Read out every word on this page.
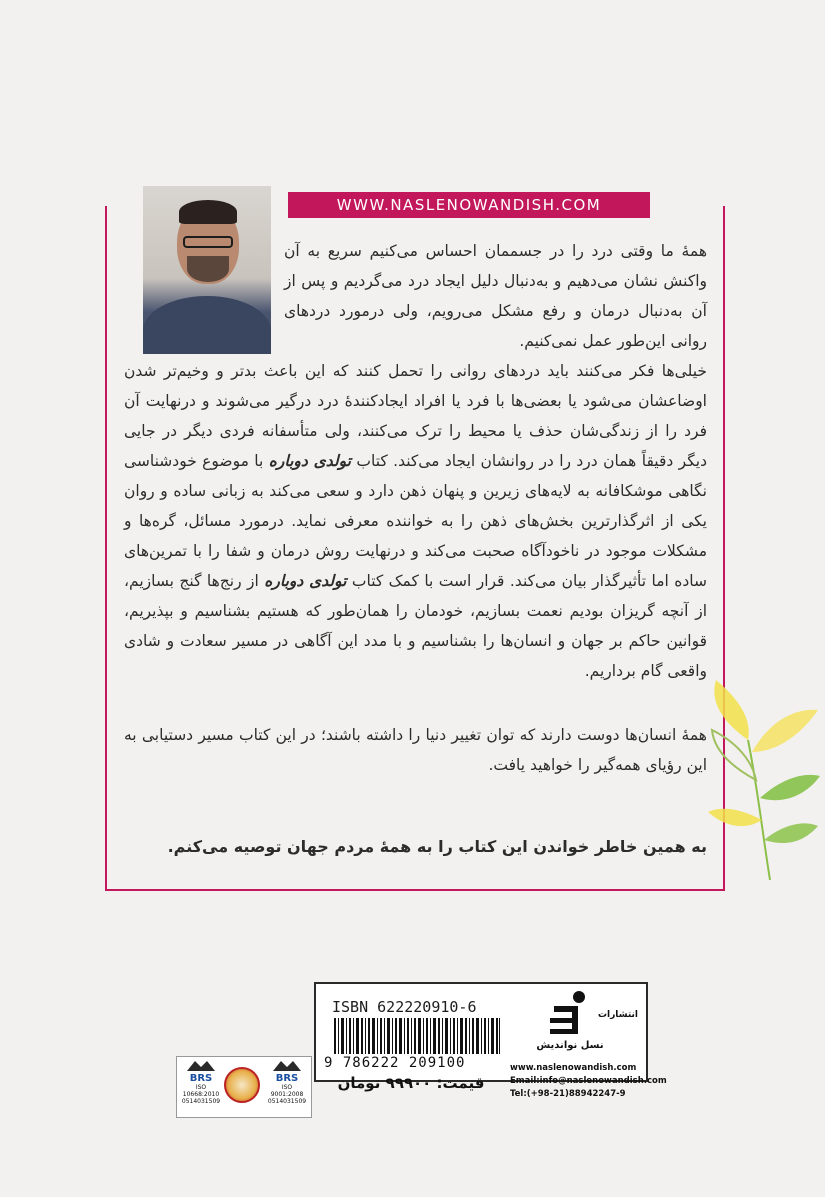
WWW.NASLENOWANDISH.COM
همهٔ ما وقتی درد را در جسممان احساس می‌کنیم سریع به آن واکنش نشان می‌دهیم و به‌دنبال دلیل ایجاد درد می‌گردیم و پس از آن به‌دنبال درمان و رفع مشکل می‌رویم، ولی درمورد دردهای روانی این‌طور عمل نمی‌کنیم.
خیلی‌ها فکر می‌کنند باید دردهای روانی را تحمل کنند که این باعث بدتر و وخیم‌تر شدن اوضاعشان می‌شود یا بعضی‌ها با فرد یا افراد ایجادکنندهٔ درد درگیر می‌شوند و درنهایت آن فرد را از زندگی‌شان حذف یا محیط را ترک می‌کنند، ولی متأسفانه فردی دیگر در جایی دیگر دقیقاً همان درد را در روانشان ایجاد می‌کند. کتاب تولدی دوباره با موضوع خودشناسی نگاهی موشکافانه به لایه‌های زیرین و پنهان ذهن دارد و سعی می‌کند به زبانی ساده و روان یکی از اثرگذارترین بخش‌های ذهن را به خواننده معرفی نماید. درمورد مسائل، گره‌ها و مشکلات موجود در ناخودآگاه صحبت می‌کند و درنهایت روش درمان و شفا را با تمرین‌های ساده اما تأثیرگذار بیان می‌کند. قرار است با کمک کتاب تولدی دوباره از رنج‌ها گنج بسازیم، از آنچه گریزان بودیم نعمت بسازیم، خودمان را همان‌طور که هستیم بشناسیم و بپذیریم، قوانین حاکم بر جهان و انسان‌ها را بشناسیم و با مدد این آگاهی در مسیر سعادت و شادی واقعی گام برداریم.
همهٔ انسان‌ها دوست دارند که توان تغییر دنیا را داشته باشند؛ در این کتاب مسیر دستیابی به این رؤیای همه‌گیر را خواهید یافت.
به همین خاطر خواندن این کتاب را به همهٔ مردم جهان توصیه می‌کنم.
ISBN 622220910-6
9 786222 209100
قیمت: ۹۹۹۰۰ تومان
انتشارات
نسل نواندیش
www.naslenowandish.com
Email:info@naslenowandish.com
Tel:(+98-21)88942247-9
BRS
ISO 10668:2010
0514031509
BRS
ISO 9001:2008
0514031509
